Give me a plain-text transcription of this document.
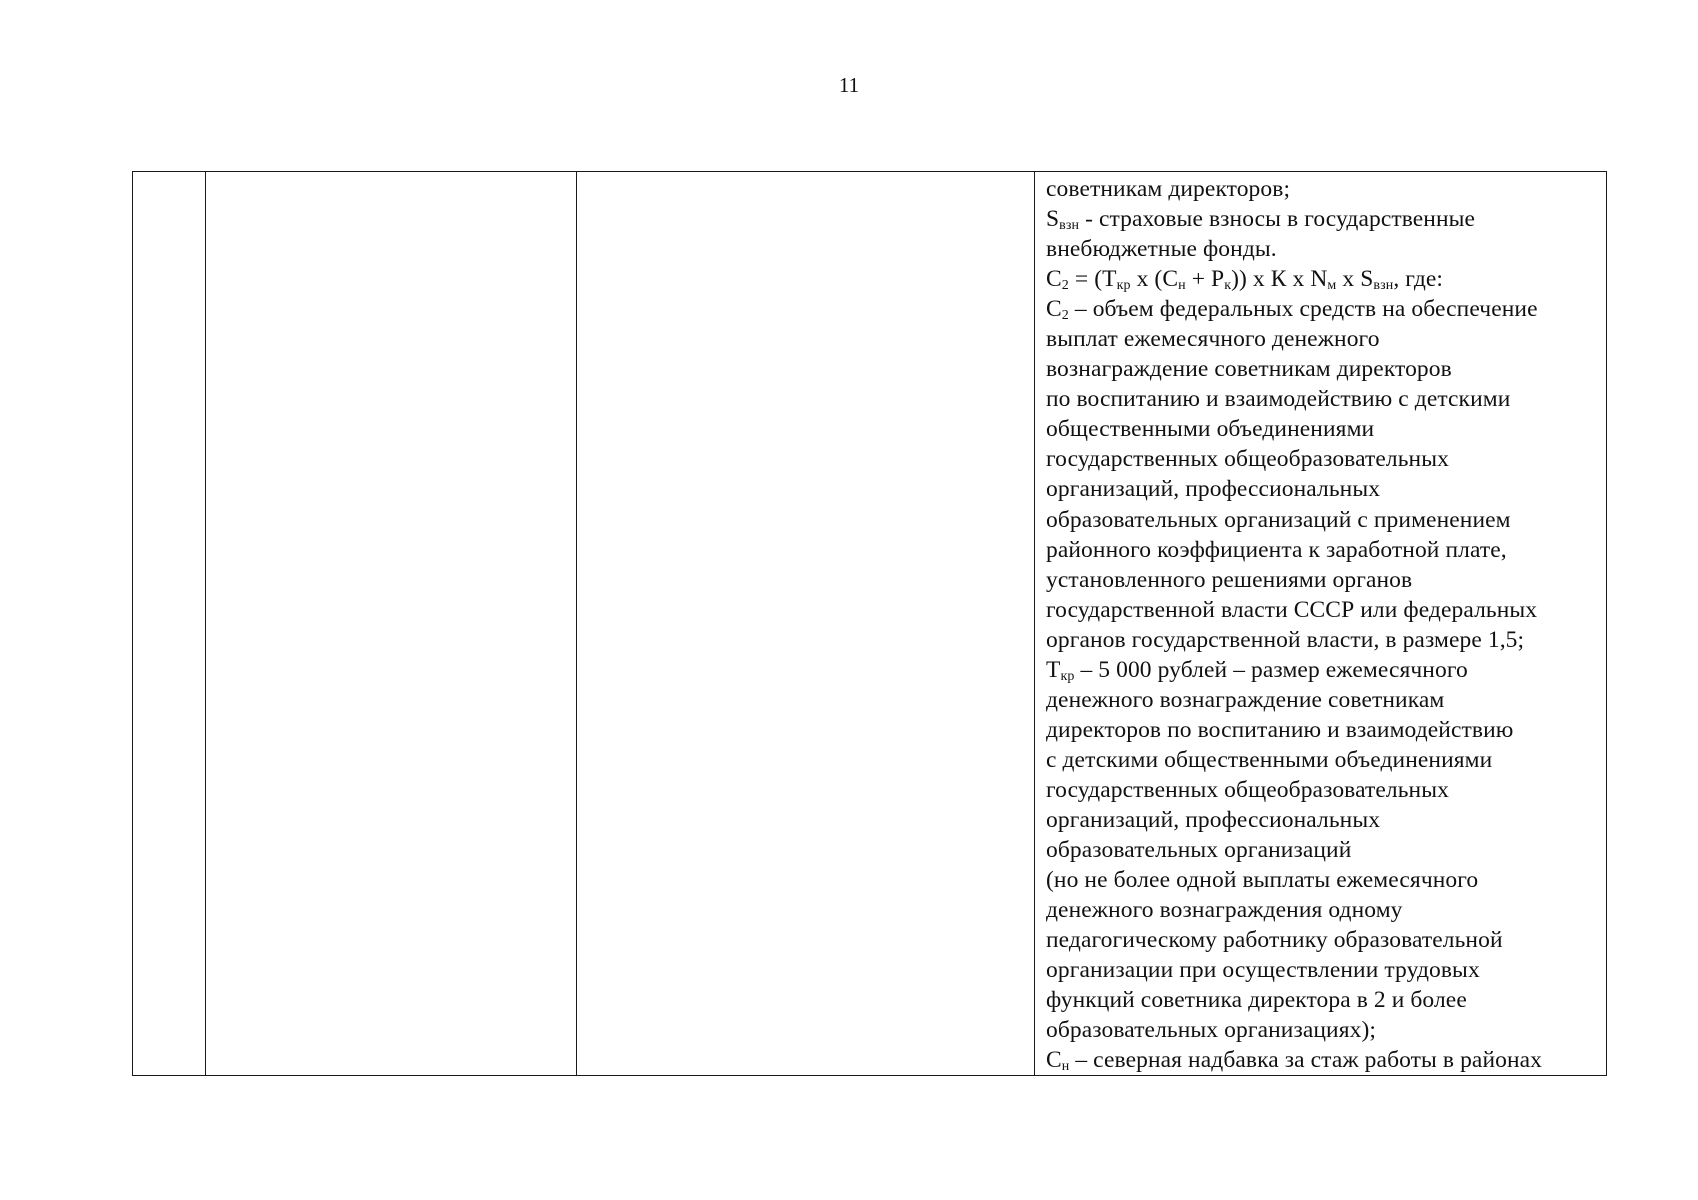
11

советникам директоров;
Sвзн - страховые взносы в государственные
внебюджетные фонды.
С2 = (Ткр х (Сн + Рк)) х К х Nм х Sвзн, где:
С2 – объем федеральных средств на обеспечение
выплат ежемесячного денежного
вознаграждение советникам директоров
по воспитанию и взаимодействию с детскими
общественными объединениями
государственных общеобразовательных
организаций, профессиональных
образовательных организаций с применением
районного коэффициента к заработной плате,
установленного решениями органов
государственной власти СССР или федеральных
органов государственной власти, в размере 1,5;
Ткр – 5 000 рублей – размер ежемесячного
денежного вознаграждение советникам
директоров по воспитанию и взаимодействию
с детскими общественными объединениями
государственных общеобразовательных
организаций, профессиональных
образовательных организаций
(но не более одной выплаты ежемесячного
денежного вознаграждения одному
педагогическому работнику образовательной
организации при осуществлении трудовых
функций советника директора в 2 и более
образовательных организациях);
Сн – северная надбавка за стаж работы в районах
